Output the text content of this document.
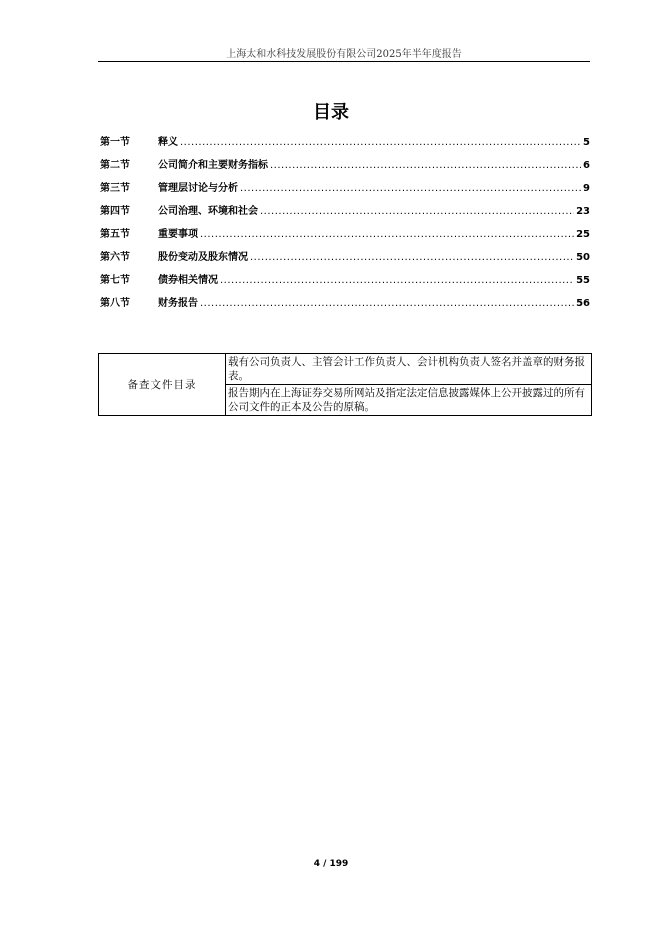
上海太和水科技发展股份有限公司2025年半年度报告
目录
第一节	释义 .....	5
第二节	公司简介和主要财务指标 .....	6
第三节	管理层讨论与分析 .....	9
第四节	公司治理、环境和社会 .....	23
第五节	重要事项 .....	25
第六节	股份变动及股东情况 .....	50
第七节	债券相关情况 .....	55
第八节	财务报告 .....	56
备查文件目录	载有公司负责人、主管会计工作负责人、会计机构负责人签名并盖章的财务报表。
报告期内在上海证券交易所网站及指定法定信息披露媒体上公开披露过的所有公司文件的正本及公告的原稿。
4 / 199
